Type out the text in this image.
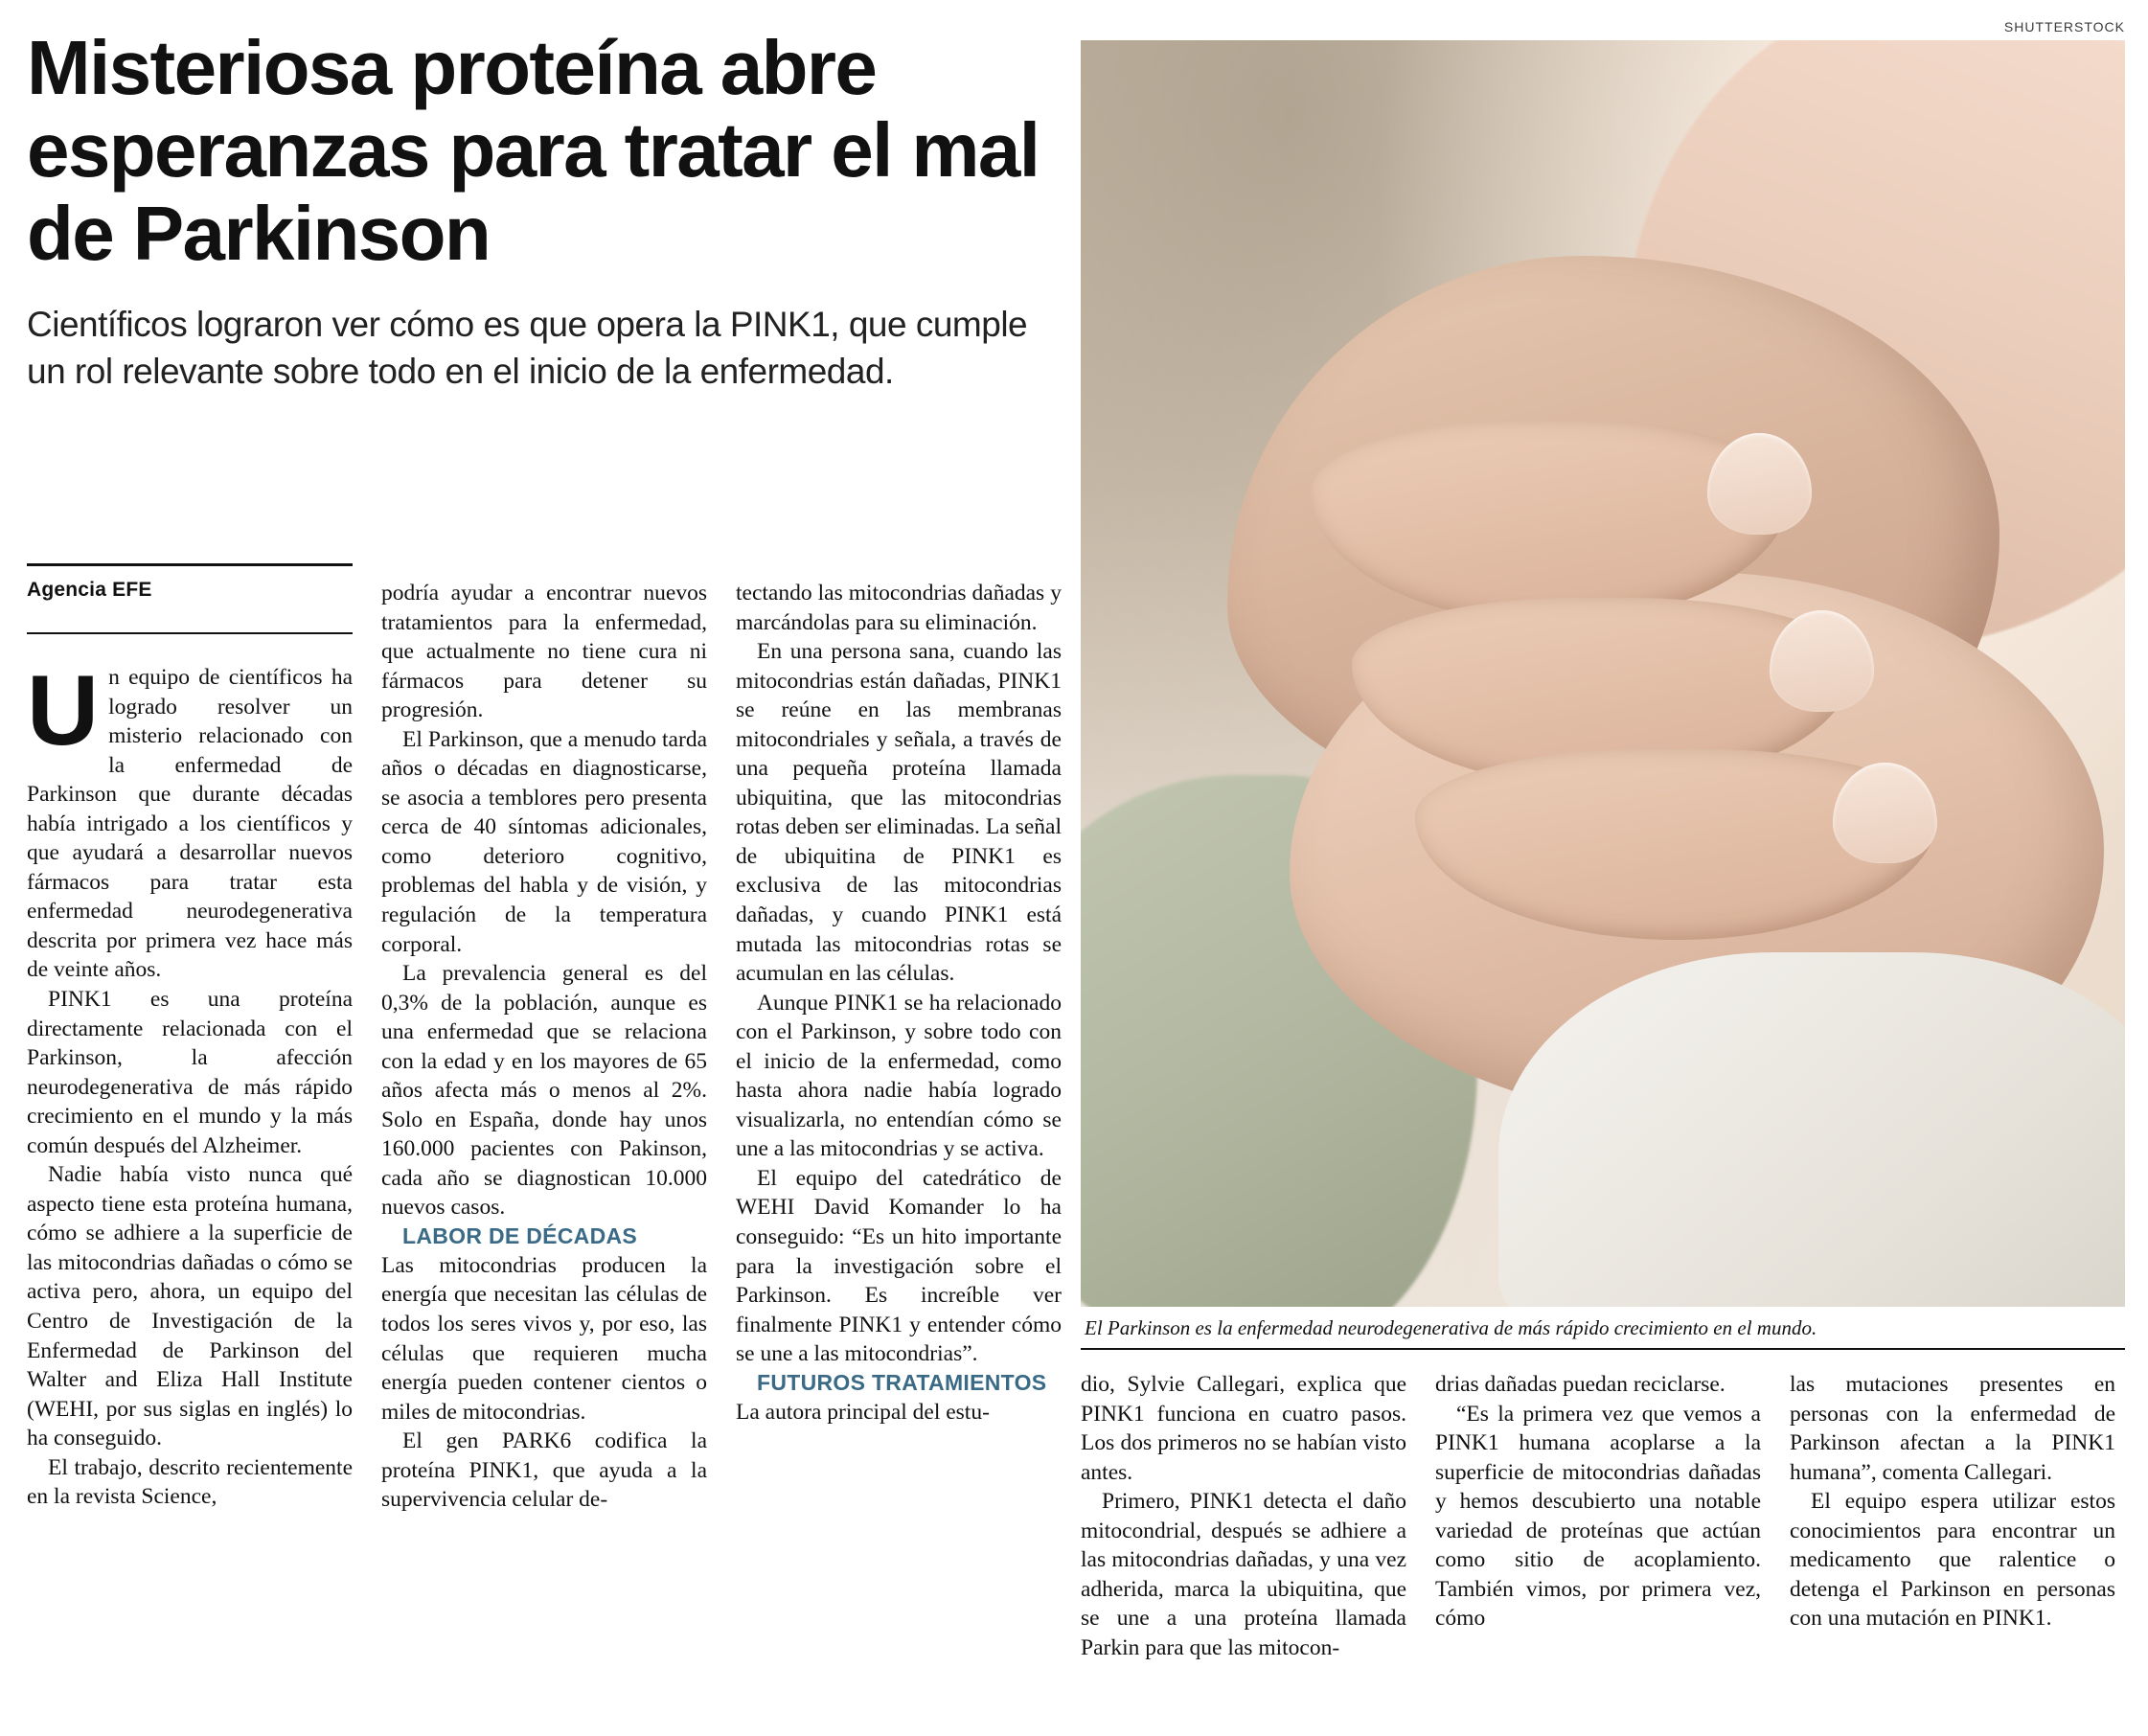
Misteriosa proteína abre esperanzas para tratar el mal de Parkinson
Científicos lograron ver cómo es que opera la PINK1, que cumple un rol relevante sobre todo en el inicio de la enfermedad.
SHUTTERSTOCK
El Parkinson es la enfermedad neurodegenerativa de más rápido crecimiento en el mundo.
Agencia EFE

Un equipo de científicos ha logrado resolver un misterio relacionado con la enfermedad de Parkinson que durante décadas había intrigado a los científicos y que ayudará a desarrollar nuevos fármacos para tratar esta enfermedad neurodegenerativa descrita por primera vez hace más de veinte años.

PINK1 es una proteína directamente relacionada con el Parkinson, la afección neurodegenerativa de más rápido crecimiento en el mundo y la más común después del Alzheimer.

Nadie había visto nunca qué aspecto tiene esta proteína humana, cómo se adhiere a la superficie de las mitocondrias dañadas o cómo se activa pero, ahora, un equipo del Centro de Investigación de la Enfermedad de Parkinson del Walter and Eliza Hall Institute (WEHI, por sus siglas en inglés) lo ha conseguido.

El trabajo, descrito recientemente en la revista Science,

podría ayudar a encontrar nuevos tratamientos para la enfermedad, que actualmente no tiene cura ni fármacos para detener su progresión.

El Parkinson, que a menudo tarda años o décadas en diagnosticarse, se asocia a temblores pero presenta cerca de 40 síntomas adicionales, como deterioro cognitivo, problemas del habla y de visión, y regulación de la temperatura corporal.

La prevalencia general es del 0,3% de la población, aunque es una enfermedad que se relaciona con la edad y en los mayores de 65 años afecta más o menos al 2%. Solo en España, donde hay unos 160.000 pacientes con Pakinson, cada año se diagnostican 10.000 nuevos casos.

LABOR DE DÉCADAS

Las mitocondrias producen la energía que necesitan las células de todos los seres vivos y, por eso, las células que requieren mucha energía pueden contener cientos o miles de mitocondrias.

El gen PARK6 codifica la proteína PINK1, que ayuda a la supervivencia celular de-

tectando las mitocondrias dañadas y marcándolas para su eliminación.

En una persona sana, cuando las mitocondrias están dañadas, PINK1 se reúne en las membranas mitocondriales y señala, a través de una pequeña proteína llamada ubiquitina, que las mitocondrias rotas deben ser eliminadas. La señal de ubiquitina de PINK1 es exclusiva de las mitocondrias dañadas, y cuando PINK1 está mutada las mitocondrias rotas se acumulan en las células.

Aunque PINK1 se ha relacionado con el Parkinson, y sobre todo con el inicio de la enfermedad, como hasta ahora nadie había logrado visualizarla, no entendían cómo se une a las mitocondrias y se activa.

El equipo del catedrático de WEHI David Komander lo ha conseguido: “Es un hito importante para la investigación sobre el Parkinson. Es increíble ver finalmente PINK1 y entender cómo se une a las mitocondrias”.

FUTUROS TRATAMIENTOS

La autora principal del estu-

dio, Sylvie Callegari, explica que PINK1 funciona en cuatro pasos. Los dos primeros no se habían visto antes.

Primero, PINK1 detecta el daño mitocondrial, después se adhiere a las mitocondrias dañadas, y una vez adherida, marca la ubiquitina, que se une a una proteína llamada Parkin para que las mitocon-

drias dañadas puedan reciclarse.

“Es la primera vez que vemos a PINK1 humana acoplarse a la superficie de mitocondrias dañadas y hemos descubierto una notable variedad de proteínas que actúan como sitio de acoplamiento. También vimos, por primera vez, cómo

las mutaciones presentes en personas con la enfermedad de Parkinson afectan a la PINK1 humana”, comenta Callegari.

El equipo espera utilizar estos conocimientos para encontrar un medicamento que ralentice o detenga el Parkinson en personas con una mutación en PINK1.
